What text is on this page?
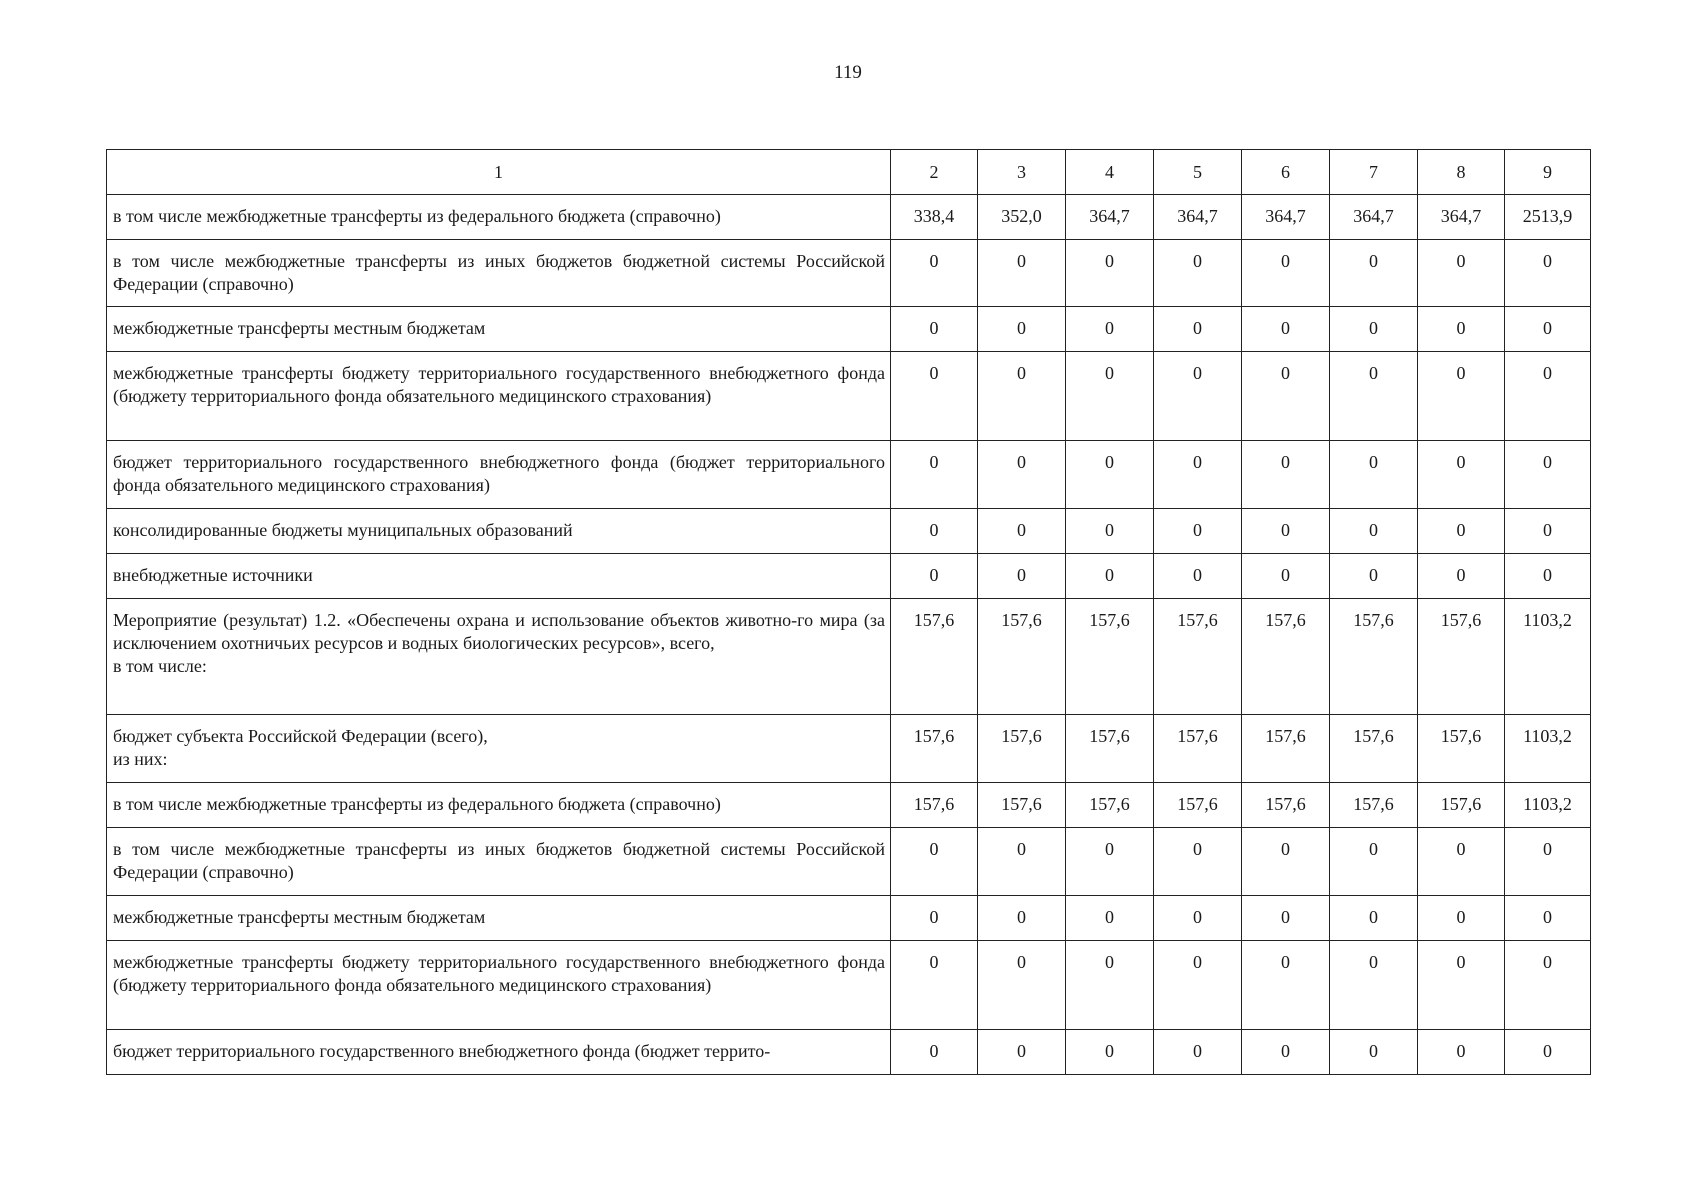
119
1	2	3	4	5	6	7	8	9
в том числе межбюджетные трансферты из федерального бюджета (справочно)	338,4	352,0	364,7	364,7	364,7	364,7	364,7	2513,9
в том числе межбюджетные трансферты из иных бюджетов бюджетной системы Российской Федерации (справочно)	0	0	0	0	0	0	0	0
межбюджетные трансферты местным бюджетам	0	0	0	0	0	0	0	0
межбюджетные трансферты бюджету территориального государственного внебюджетного фонда (бюджету территориального фонда обязательного медицинского страхования)	0	0	0	0	0	0	0	0
бюджет территориального государственного внебюджетного фонда (бюджет территориального фонда обязательного медицинского страхования)	0	0	0	0	0	0	0	0
консолидированные бюджеты муниципальных образований	0	0	0	0	0	0	0	0
внебюджетные источники	0	0	0	0	0	0	0	0
Мероприятие (результат) 1.2. «Обеспечены охрана и использование объектов животно-го мира (за исключением охотничьих ресурсов и водных биологических ресурсов», всего,
в том числе:	157,6	157,6	157,6	157,6	157,6	157,6	157,6	1103,2
бюджет субъекта Российской Федерации (всего),
из них:	157,6	157,6	157,6	157,6	157,6	157,6	157,6	1103,2
в том числе межбюджетные трансферты из федерального бюджета (справочно)	157,6	157,6	157,6	157,6	157,6	157,6	157,6	1103,2
в том числе межбюджетные трансферты из иных бюджетов бюджетной системы Российской Федерации (справочно)	0	0	0	0	0	0	0	0
межбюджетные трансферты местным бюджетам	0	0	0	0	0	0	0	0
межбюджетные трансферты бюджету территориального государственного внебюджетного фонда (бюджету территориального фонда обязательного медицинского страхования)	0	0	0	0	0	0	0	0
бюджет территориального государственного внебюджетного фонда (бюджет террито-	0	0	0	0	0	0	0	0
